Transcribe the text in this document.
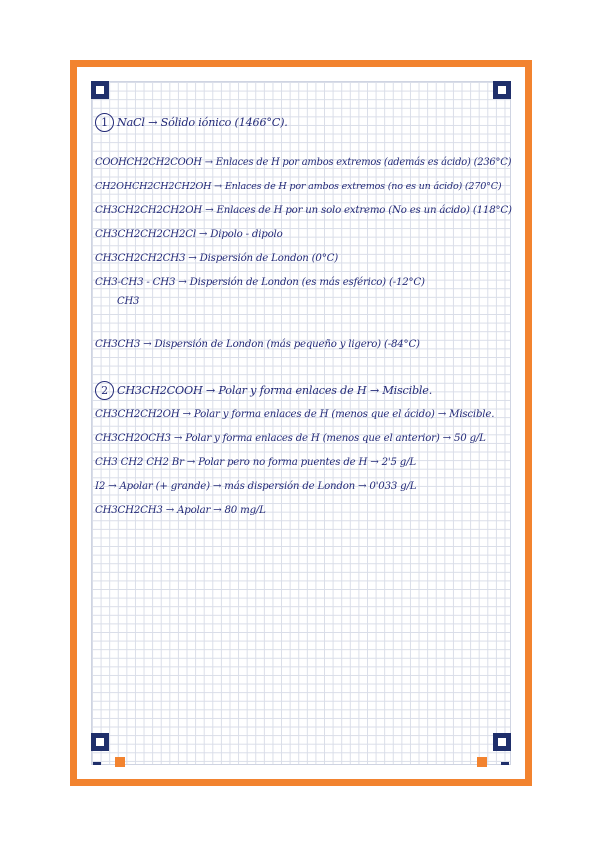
1 NaCl → Sólido iónico (1466°C).
COOHCH2CH2COOH → Enlaces de H por ambos extremos (además es ácido) (236°C)
CH2OHCH2CH2CH2OH → Enlaces de H por ambos extremos (no es un ácido) (270°C)
CH3CH2CH2CH2OH → Enlaces de H por un solo extremo (No es un ácido) (118°C)
CH3CH2CH2CH2Cl → Dipolo - dipolo
CH3CH2CH2CH3 → Dispersión de London (0°C)
CH3-CH3 - CH3 → Dispersión de London (es más esférico) (-12°C)
CH3
CH3CH3 → Dispersión de London (más pequeño y ligero) (-84°C)
2 CH3CH2COOH → Polar y forma enlaces de H → Miscible.
CH3CH2CH2OH → Polar y forma enlaces de H (menos que el ácido) → Miscible.
CH3CH2OCH3 → Polar y forma enlaces de H (menos que el anterior) → 50 g/L
CH3 CH2 CH2 Br → Polar pero no forma puentes de H → 2'5 g/L
I2 → Apolar (+ grande) → más dispersión de London → 0'033 g/L
CH3CH2CH3 → Apolar → 80 mg/L
